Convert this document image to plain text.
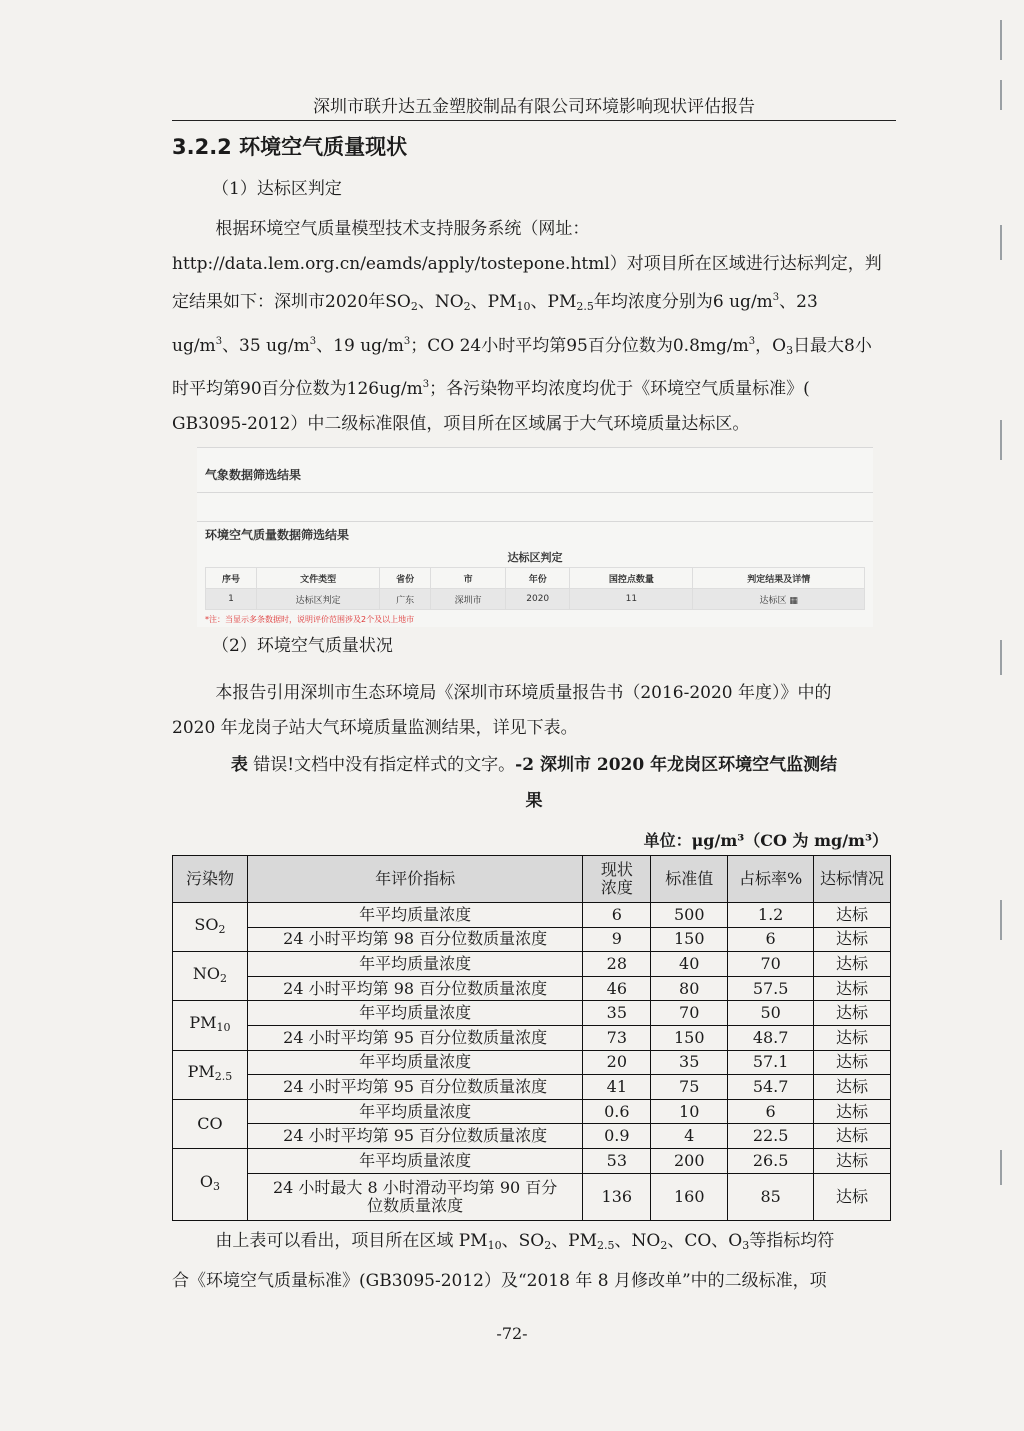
深圳市联升达五金塑胶制品有限公司环境影响现状评估报告
3.2.2 环境空气质量现状
（1）达标区判定
根据环境空气质量模型技术支持服务系统（网址：
http://data.lem.org.cn/eamds/apply/tostepone.html）对项目所在区域进行达标判定，判
定结果如下：深圳市2020年$SO_2$、$NO_2$、$PM_{10}$、$PM_{2.5}$年均浓度分别为6 $ug/m^3$、23
$ug/m^3$、35 $ug/m^3$、19 $ug/m^3$；CO 24小时平均第95百分位数为$0.8mg/m^3$，$O_3$日最大8小
时平均第90百分位数为$126ug/m^3$；各污染物平均浓度均优于《环境空气质量标准》(
GB3095-2012）中二级标准限值，项目所在区域属于大气环境质量达标区。
气象数据筛选结果
环境空气质量数据筛选结果
达标区判定						
序号	文件类型	省份	市	年份	国控点数量	判定结果及详情
1	达标区判定	广东	深圳市	2020	11	达标区 ▦
*注：当显示多条数据时，说明评价范围涉及2个及以上地市
（2）环境空气质量状况
本报告引用深圳市生态环境局《深圳市环境质量报告书（2016-2020 年度）》中的
2020 年龙岗子站大气环境质量监测结果，详见下表。
表 错误!文档中没有指定样式的文字。-2 深圳市 2020 年龙岗区环境空气监测结
果
单位：μg/m³（CO 为 mg/m³）
污染物	年评价指标	现状浓度	标准值	占标率%	达标情况
$SO_2$	年平均质量浓度	6	500	1.2	达标
	24 小时平均第 98 百分位数质量浓度	9	150	6	达标
$NO_2$	年平均质量浓度	28	40	70	达标
	24 小时平均第 98 百分位数质量浓度	46	80	57.5	达标
$PM_{10}$	年平均质量浓度	35	70	50	达标
	24 小时平均第 95 百分位数质量浓度	73	150	48.7	达标
$PM_{2.5}$	年平均质量浓度	20	35	57.1	达标
	24 小时平均第 95 百分位数质量浓度	41	75	54.7	达标
CO	年平均质量浓度	0.6	10	6	达标
	24 小时平均第 95 百分位数质量浓度	0.9	4	22.5	达标
$O_3$	年平均质量浓度	53	200	26.5	达标
	24 小时最大 8 小时滑动平均第 90 百分位数质量浓度	136	160	85	达标
由上表可以看出，项目所在区域 $PM_{10}$、$SO_2$、$PM_{2.5}$、$NO_2$、CO、$O_3$等指标均符
合《环境空气质量标准》(GB3095-2012）及“2018 年 8 月修改单”中的二级标准，项
-72-
